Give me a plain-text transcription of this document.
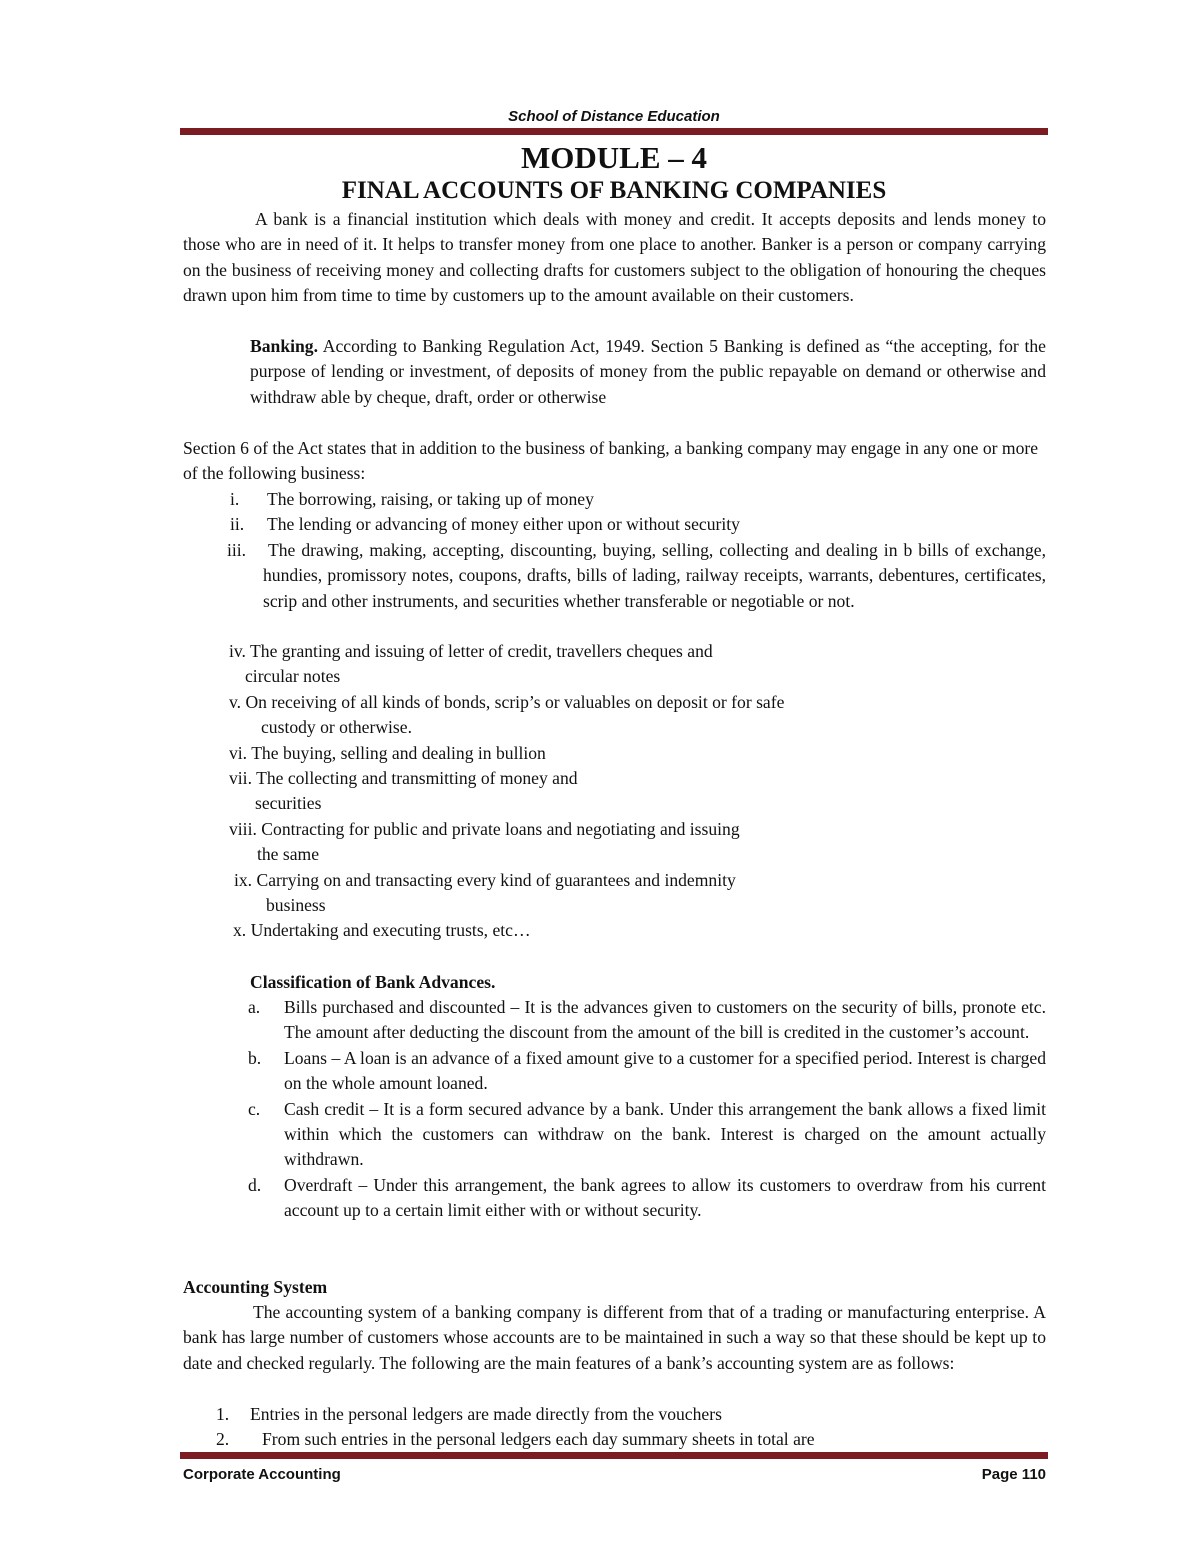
School of Distance Education
MODULE – 4
FINAL ACCOUNTS OF BANKING COMPANIES
A bank is a financial institution which deals with money and credit. It accepts deposits and lends money to those who are in need of it. It helps to transfer money from one place to another. Banker is a person or company carrying on the business of receiving money and collecting drafts for customers subject to the obligation of honouring the cheques drawn upon him from time to time by customers up to the amount available on their customers.
Banking. According to Banking Regulation Act, 1949. Section 5 Banking is defined as “the accepting, for the purpose of lending or investment, of deposits of money from the public repayable on demand or otherwise and withdraw able by cheque, draft, order or otherwise
Section 6 of the Act states that in addition to the business of banking, a banking company may engage in any one or more of the following business:
i. The borrowing, raising, or taking up of money
ii. The lending or advancing of money either upon or without security
iii. The drawing, making, accepting, discounting, buying, selling, collecting and dealing in b bills of exchange, hundies, promissory notes, coupons, drafts, bills of lading, railway receipts, warrants, debentures, certificates, scrip and other instruments, and securities whether transferable or negotiable or not.
iv. The granting and issuing of letter of credit, travellers cheques and
circular notes
v. On receiving of all kinds of bonds, scrip’s or valuables on deposit or for safe
custody or otherwise.
vi. The buying, selling and dealing in bullion
vii. The collecting and transmitting of money and
securities
viii. Contracting for public and private loans and negotiating and issuing
the same
ix. Carrying on and transacting every kind of guarantees and indemnity
business
x. Undertaking and executing trusts, etc…
Classification of Bank Advances.
a. Bills purchased and discounted – It is the advances given to customers on the security of bills, pronote etc. The amount after deducting the discount from the amount of the bill is credited in the customer’s account.
b. Loans – A loan is an advance of a fixed amount give to a customer for a specified period. Interest is charged on the whole amount loaned.
c. Cash credit – It is a form secured advance by a bank. Under this arrangement the bank allows a fixed limit within which the customers can withdraw on the bank. Interest is charged on the amount actually withdrawn.
d. Overdraft – Under this arrangement, the bank agrees to allow its customers to overdraw from his current account up to a certain limit either with or without security.
Accounting System
The accounting system of a banking company is different from that of a trading or manufacturing enterprise. A bank has large number of customers whose accounts are to be maintained in such a way so that these should be kept up to date and checked regularly. The following are the main features of a bank’s accounting system are as follows:
1. Entries in the personal ledgers are made directly from the vouchers
2. From such entries in the personal ledgers each day summary sheets in total are
Corporate Accounting	Page 110
